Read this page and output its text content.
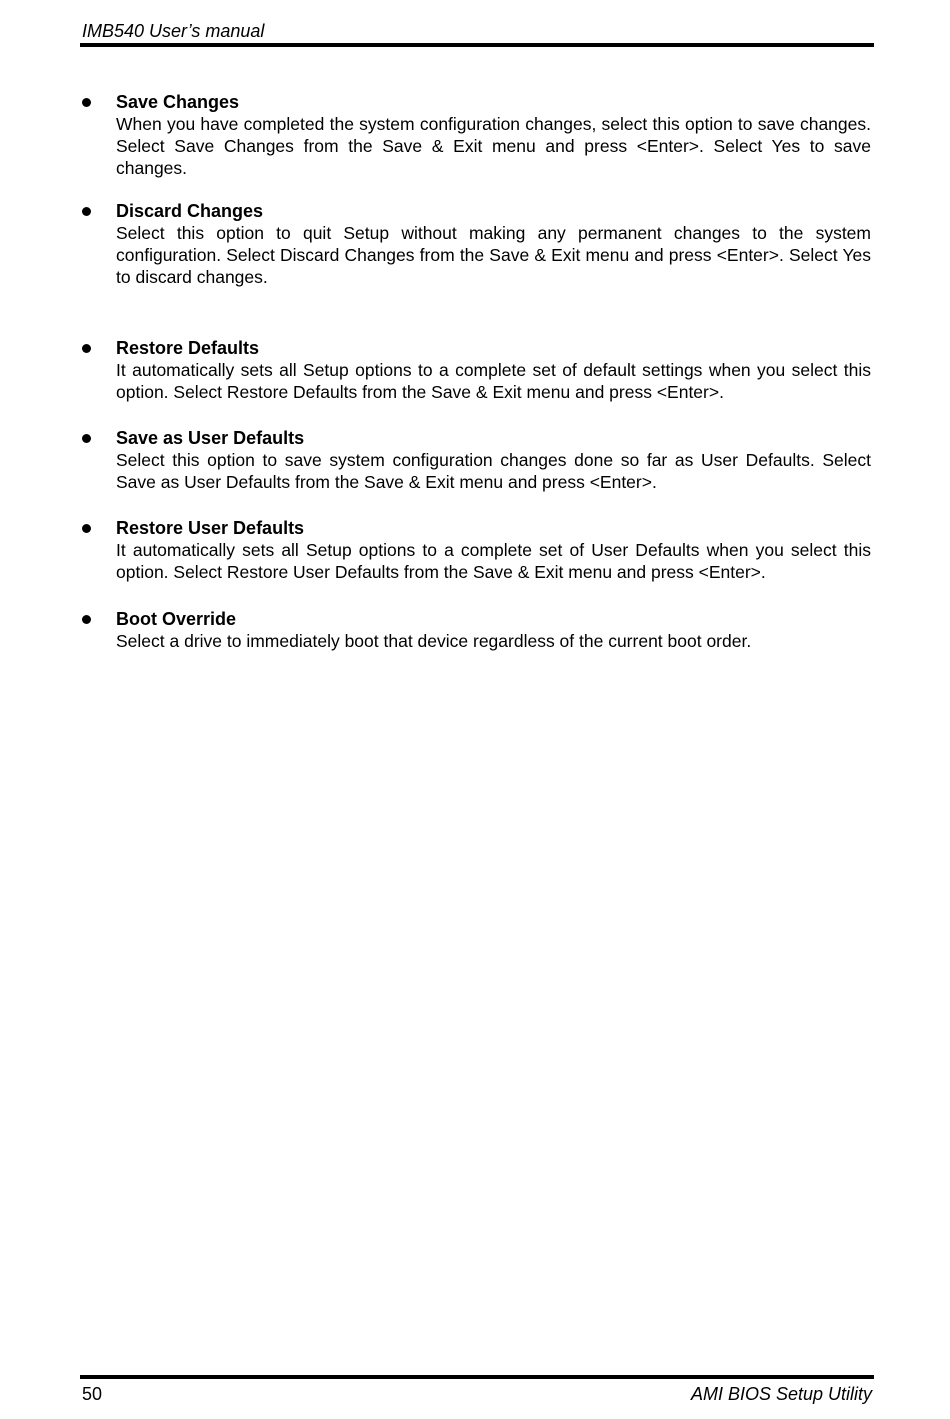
IMB540 User’s manual
Save Changes
When you have completed the system configuration changes, select this option to save changes. Select Save Changes from the Save & Exit menu and press <Enter>. Select Yes to save changes.
Discard Changes
Select this option to quit Setup without making any permanent changes to the system configuration. Select Discard Changes from the Save & Exit menu and press <Enter>. Select Yes to discard changes.
Restore Defaults
It automatically sets all Setup options to a complete set of default settings when you select this option. Select Restore Defaults from the Save & Exit menu and press <Enter>.
Save as User Defaults
Select this option to save system configuration changes done so far as User Defaults. Select Save as User Defaults from the Save & Exit menu and press <Enter>.
Restore User Defaults
It automatically sets all Setup options to a complete set of User Defaults when you select this option. Select Restore User Defaults from the Save & Exit menu and press <Enter>.
Boot Override
Select a drive to immediately boot that device regardless of the current boot order.
50	AMI BIOS Setup Utility
